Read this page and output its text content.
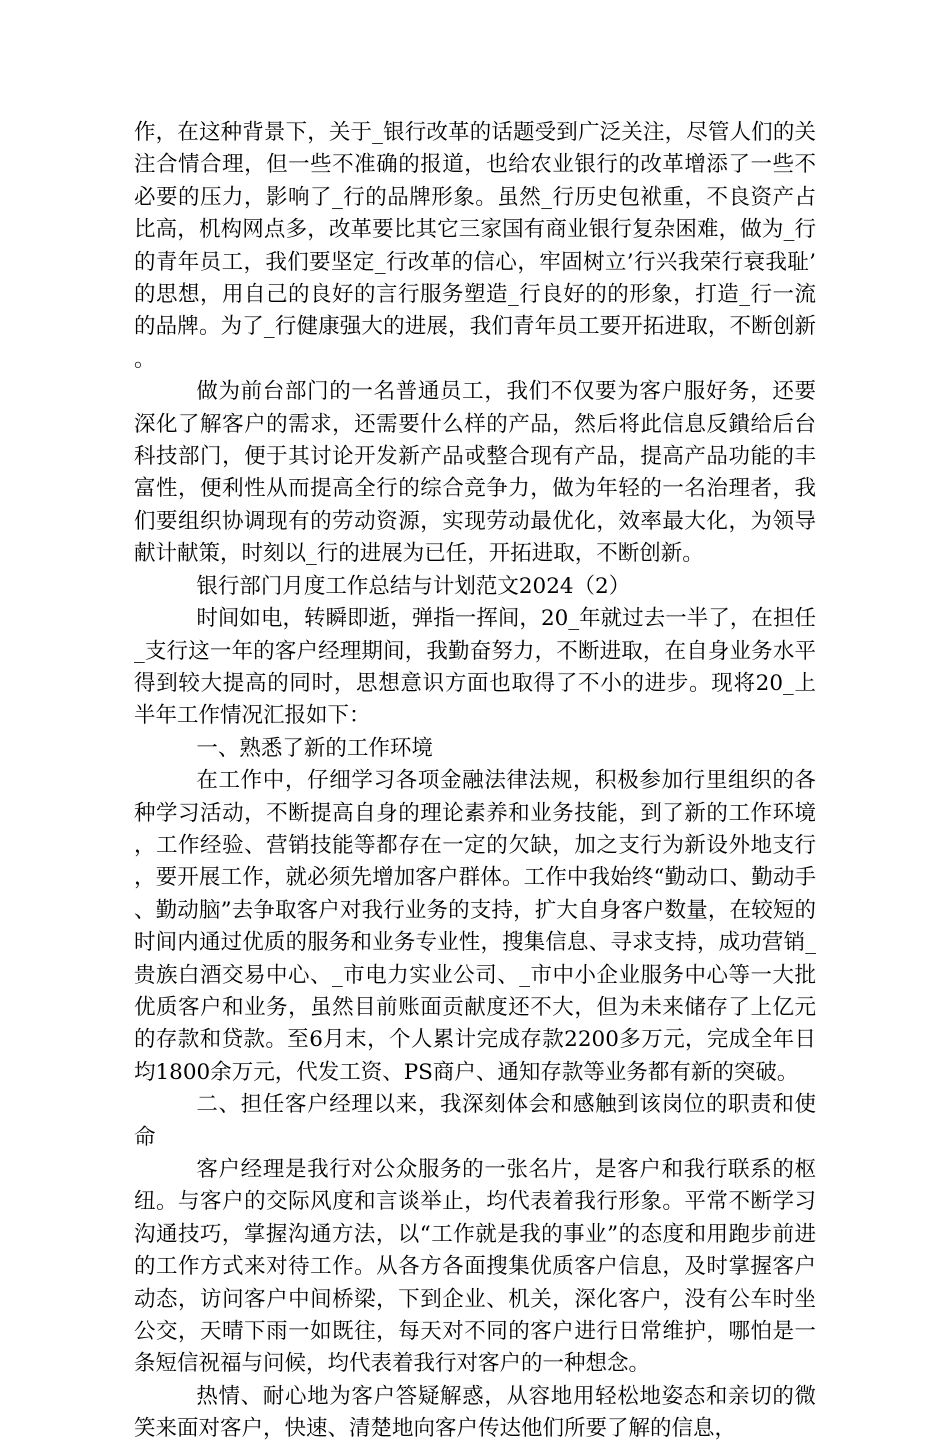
作，在这种背景下，关于_银行改革的话题受到广泛关注，尽管人们的关注合情合理，但一些不准确的报道，也给农业银行的改革增添了一些不必要的压力，影响了_行的品牌形象。虽然_行历史包袱重，不良资产占比高，机构网点多，改革要比其它三家国有商业银行复杂困难，做为_行的青年员工，我们要坚定_行改革的信心，牢固树立’行兴我荣行衰我耻’的思想，用自己的良好的言行服务塑造_行良好的的形象，打造_行一流的品牌。为了_行健康强大的进展，我们青年员工要开拓进取，不断创新。

做为前台部门的一名普通员工，我们不仅要为客户服好务，还要深化了解客户的需求，还需要什么样的产品，然后将此信息反鐀给后台科技部门，便于其讨论开发新产品戓整合现有产品，提高产品功能的丰富性，便利性从而提高全行的综合竞争力，做为年轻的一名治理者，我们要组织协调现有的劳动资源，实现劳动最优化，效率最大化，为领导献计献策，时刻以_行的进展为已任，开拓进取，不断创新。

银行部门月度工作总结与计划范文2024（2）

时间如电，转瞬即逝，弹指一挥间，20_年就过去一半了，在担任_支行这一年的客户经理期间，我勤奋努力，不断进取，在自身业务水平得到较大提高的同时，思想意识方面也取得了不小的进步。现将20_上半年工作情况汇报如下：

一、熟悉了新的工作环境

在工作中，仔细学习各项金融法律法规，积极参加行里组织的各种学习活动，不断提高自身的理论素养和业务技能，到了新的工作环境，工作经验、营销技能等都存在一定的欠缺，加之支行为新设外地支行，要开展工作，就必须先增加客户群体。工作中我始终“勤动口、勤动手、勤动脑”去争取客户对我行业务的支持，扩大自身客户数量，在较短的时间内通过优质的服务和业务专业性，搜集信息、寻求支持，成功营销_贵族白酒交易中心、_市电力实业公司、_市中小企业服务中心等一大批优质客户和业务，虽然目前账面贡献度还不大，但为未来储存了上亿元的存款和贷款。至6月末，个人累计完成存款2200多万元，完成全年日均1800余万元，代发工资、PS商户、通知存款等业务都有新的突破。

二、担任客户经理以来，我深刻体会和感触到该岗位的职责和使命

客户经理是我行对公众服务的一张名片，是客户和我行联系的枢纽。与客户的交际风度和言谈举止，均代表着我行形象。平常不断学习沟通技巧，掌握沟通方法，以“工作就是我的事业”的态度和用跑步前进的工作方式来对待工作。从各方各面搜集优质客户信息，及时掌握客户动态，访问客户中间桥梁，下到企业、机关，深化客户，没有公车时坐公交，天晴下雨一如既往，每天对不同的客户进行日常维护，哪怕是一条短信祝福与问候，均代表着我行对客户的一种想念。

热情、耐心地为客户答疑解惑，从容地用轻松地姿态和亲切的微笑来面对客户，快速、清楚地向客户传达他们所要了解的信息，
